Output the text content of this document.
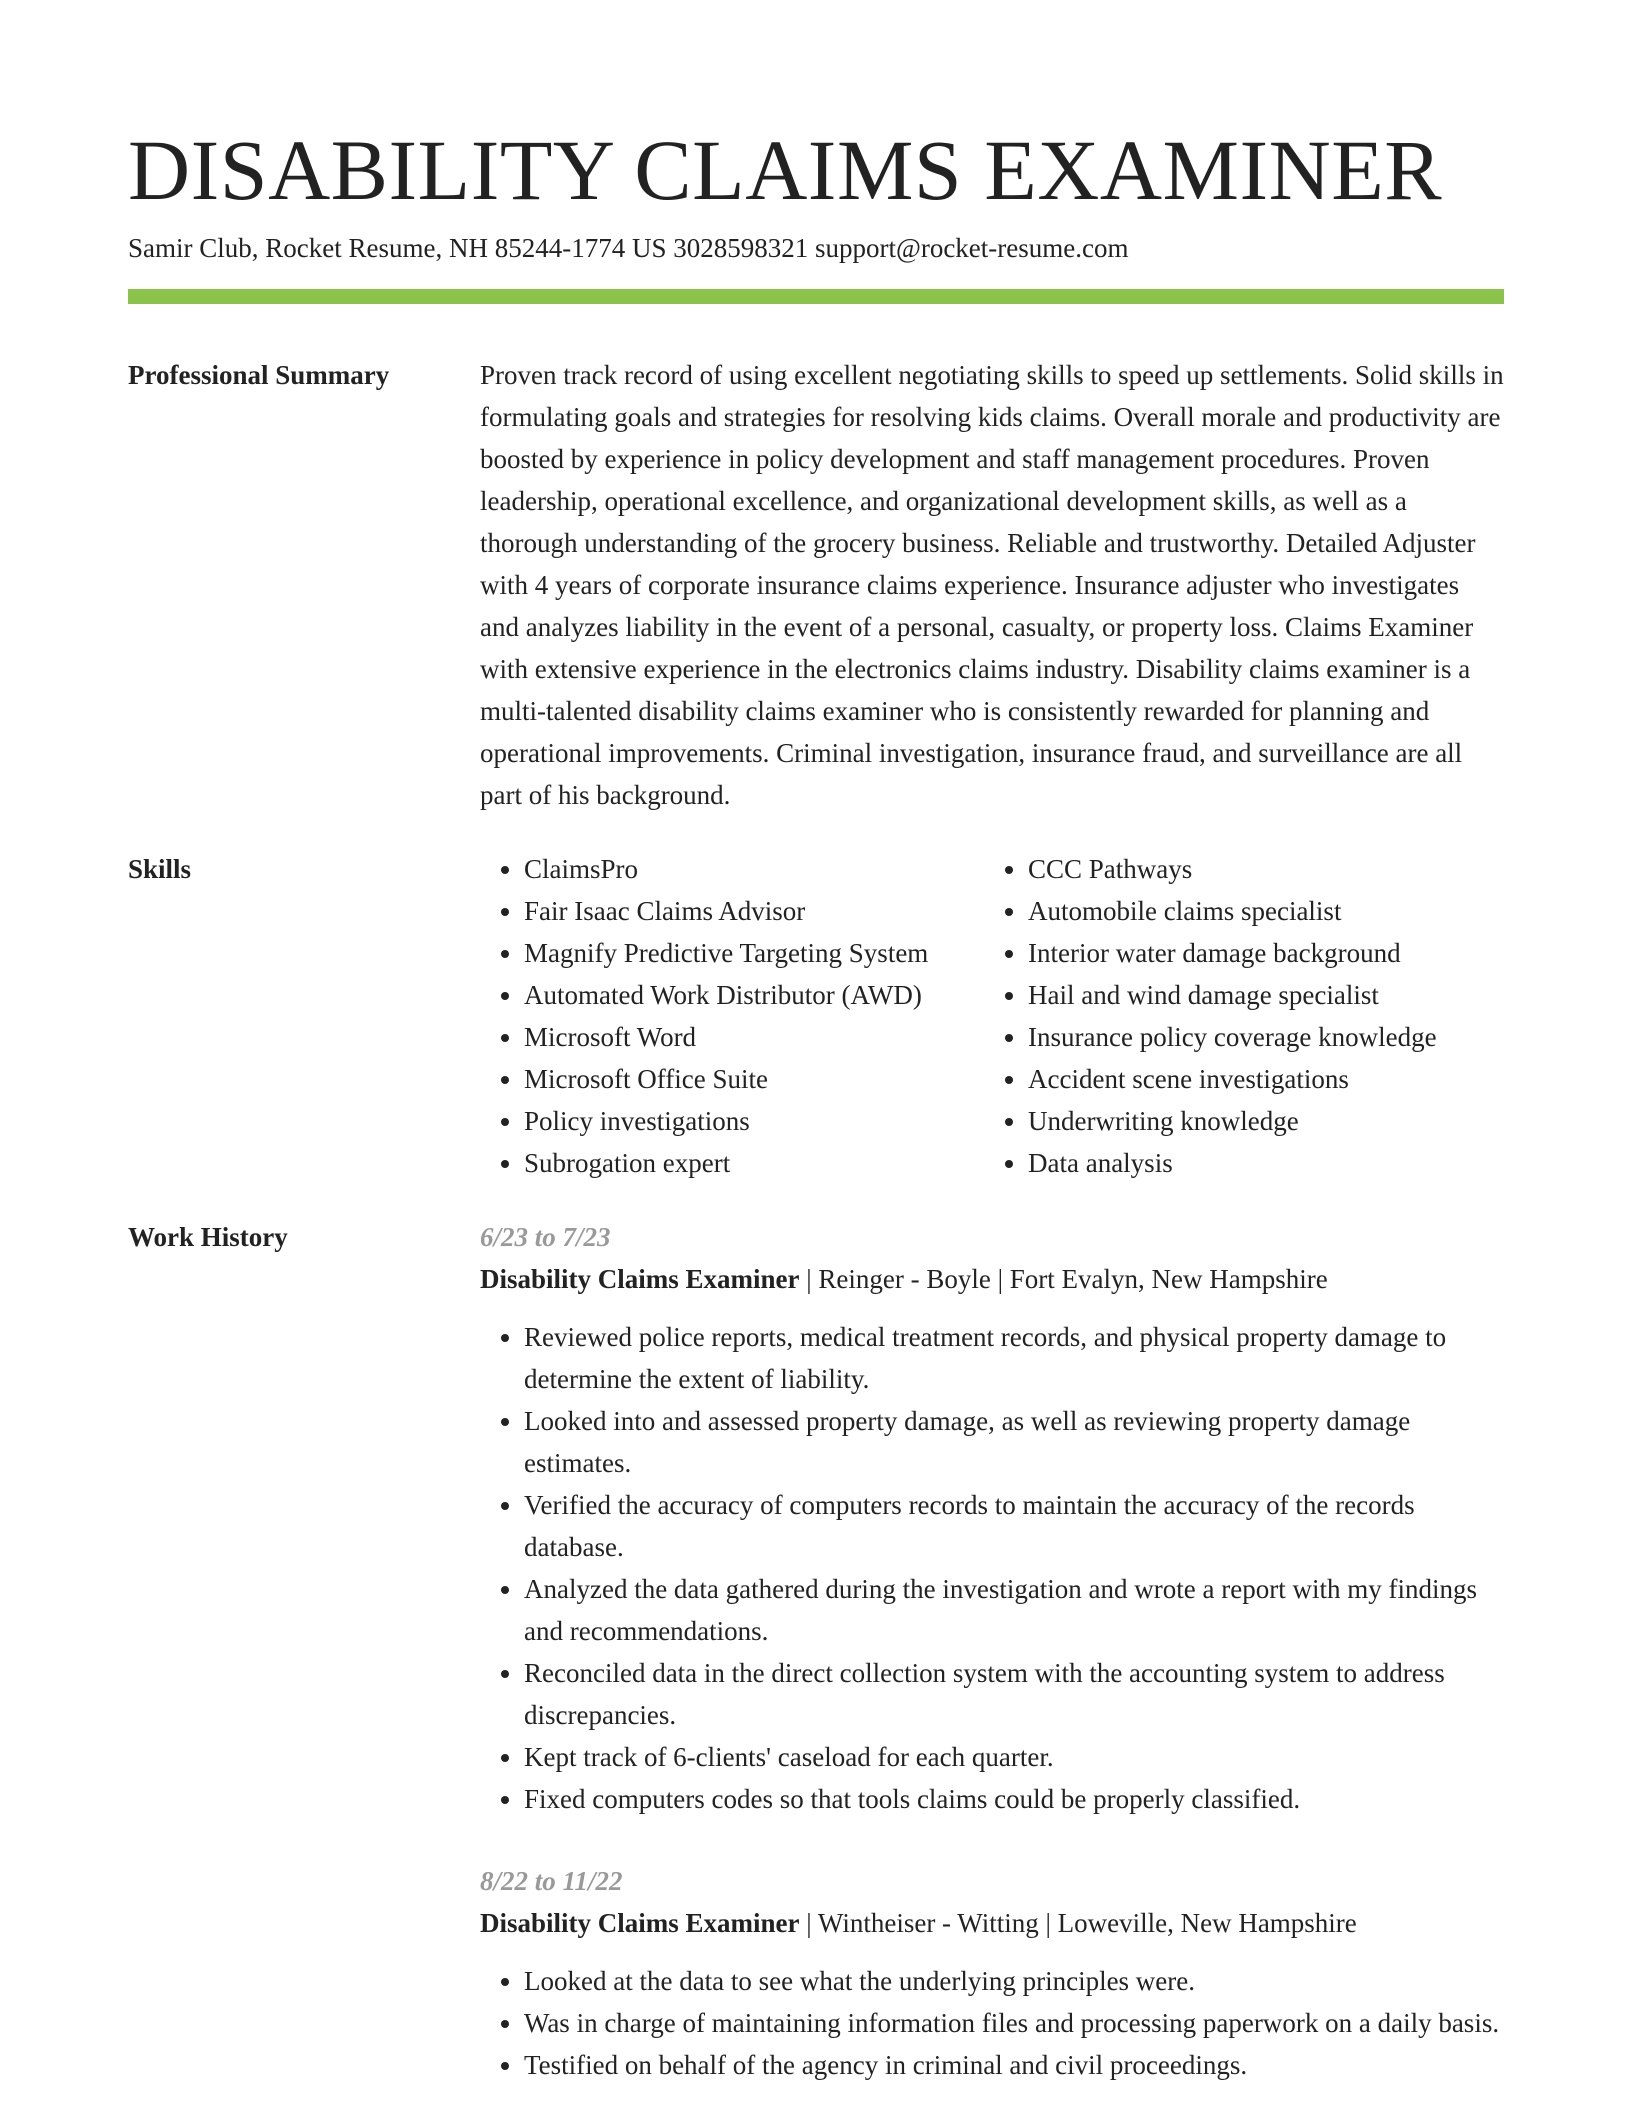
DISABILITY CLAIMS EXAMINER
Samir Club, Rocket Resume, NH 85244-1774 US 3028598321 support@rocket-resume.com
Professional Summary	Proven track record of using excellent negotiating skills to speed up settlements. Solid skills in formulating goals and strategies for resolving kids claims. Overall morale and productivity are boosted by experience in policy development and staff management procedures. Proven leadership, operational excellence, and organizational development skills, as well as a thorough understanding of the grocery business. Reliable and trustworthy. Detailed Adjuster with 4 years of corporate insurance claims experience. Insurance adjuster who investigates and analyzes liability in the event of a personal, casualty, or property loss. Claims Examiner with extensive experience in the electronics claims industry. Disability claims examiner is a multi-talented disability claims examiner who is consistently rewarded for planning and operational improvements. Criminal investigation, insurance fraud, and surveillance are all part of his background.

Skills
•	ClaimsPro
• Fair Isaac Claims Advisor
• Magnify Predictive Targeting System
• Automated Work Distributor (AWD)
• Microsoft Word
• Microsoft Office Suite
• Policy investigations
• Subrogation expert
• CCC Pathways
• Automobile claims specialist
• Interior water damage background
• Hail and wind damage specialist
• Insurance policy coverage knowledge
• Accident scene investigations
• Underwriting knowledge
• Data analysis
Work History	6/23 to 7/23
Disability Claims Examiner | Reinger - Boyle | Fort Evalyn, New Hampshire
• Reviewed police reports, medical treatment records, and physical property damage to determine the extent of liability.
• Looked into and assessed property damage, as well as reviewing property damage estimates.
• Verified the accuracy of computers records to maintain the accuracy of the records database.
• Analyzed the data gathered during the investigation and wrote a report with my findings and recommendations.
• Reconciled data in the direct collection system with the accounting system to address discrepancies.
• Kept track of 6-clients' caseload for each quarter.
• Fixed computers codes so that tools claims could be properly classified.
8/22 to 11/22
Disability Claims Examiner | Wintheiser - Witting | Loweville, New Hampshire
• Looked at the data to see what the underlying principles were.
• Was in charge of maintaining information files and processing paperwork on a daily basis.
• Testified on behalf of the agency in criminal and civil proceedings.
